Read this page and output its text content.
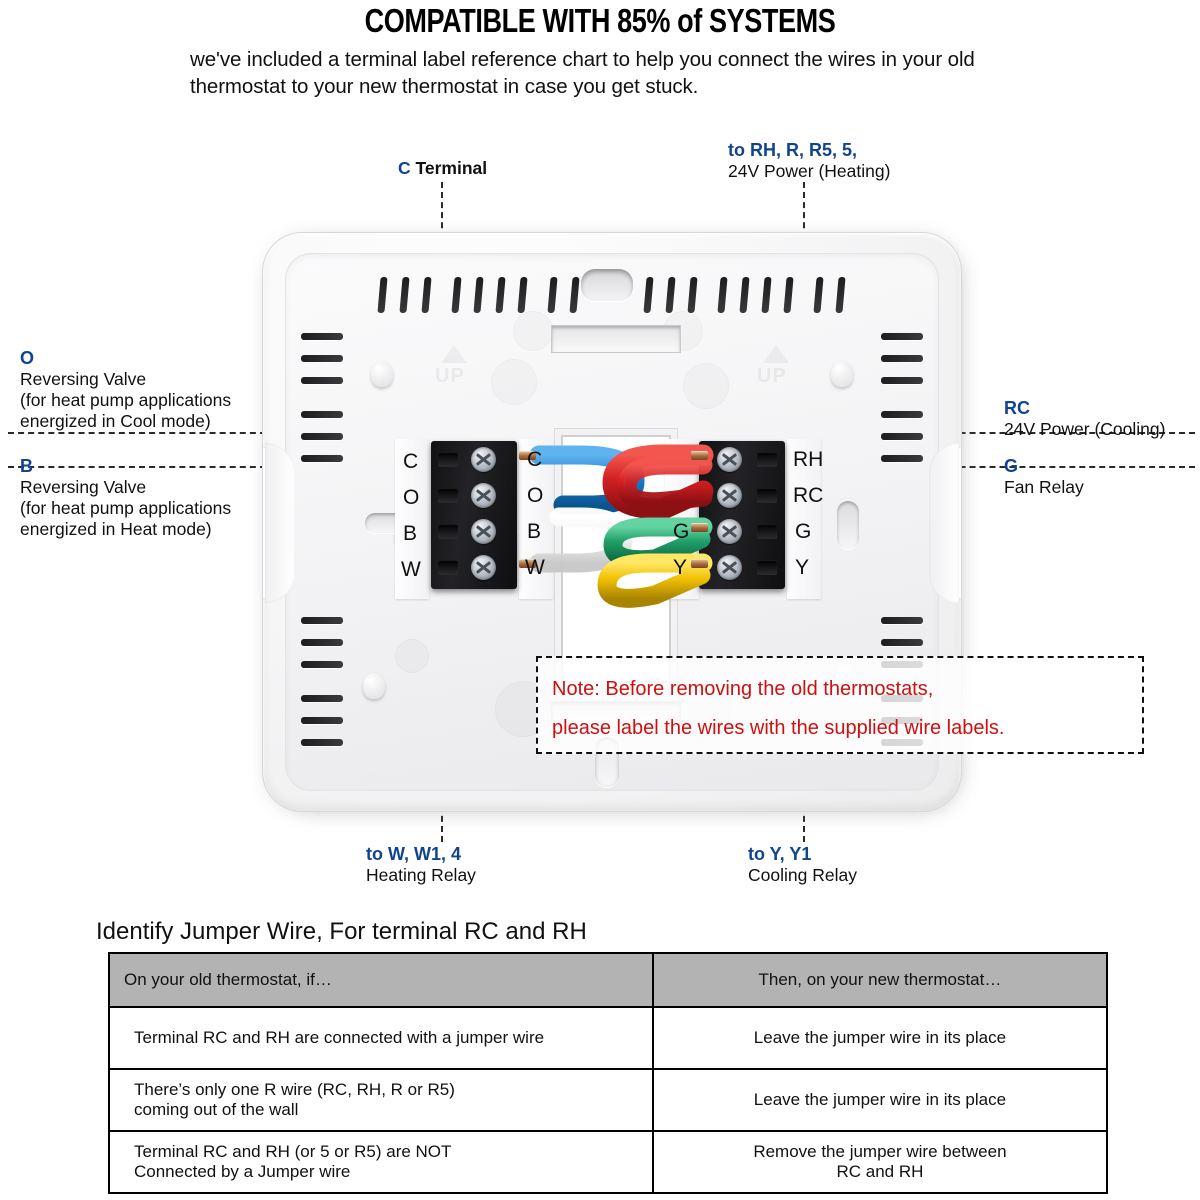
COMPATIBLE WITH 85% of SYSTEMS
we've included a terminal label reference chart to help you connect the wires in your old thermostat to your new thermostat in case you get stuck.
C Terminal
to RH, R, R5, 5,
24V Power (Heating)
O
Reversing Valve
(for heat pump applications
energized in Cool mode)
B
Reversing Valve
(for heat pump applications
energized in Heat mode)
RC
24V Power (Cooling)
G
Fan Relay
to W, W1, 4
Heating Relay
to Y, Y1
Cooling Relay
UP	UP
C
O
B
W
C
O
B
W
G
Y
RH
RC
G
Y
Note: Before removing the old thermostats,
please label the wires with the supplied wire labels.
Identify Jumper Wire, For terminal RC and RH
On your old thermostat, if…	Then, on your new thermostat…

Terminal RC and RH are connected with a jumper wire	Leave the jumper wire in its place

There’s only one R wire (RC, RH, R or R5)
coming out of the wall	Leave the jumper wire in its place

Terminal RC and RH (or 5 or R5) are NOT
Connected by a Jumper wire	Remove the jumper wire between
RC and RH
